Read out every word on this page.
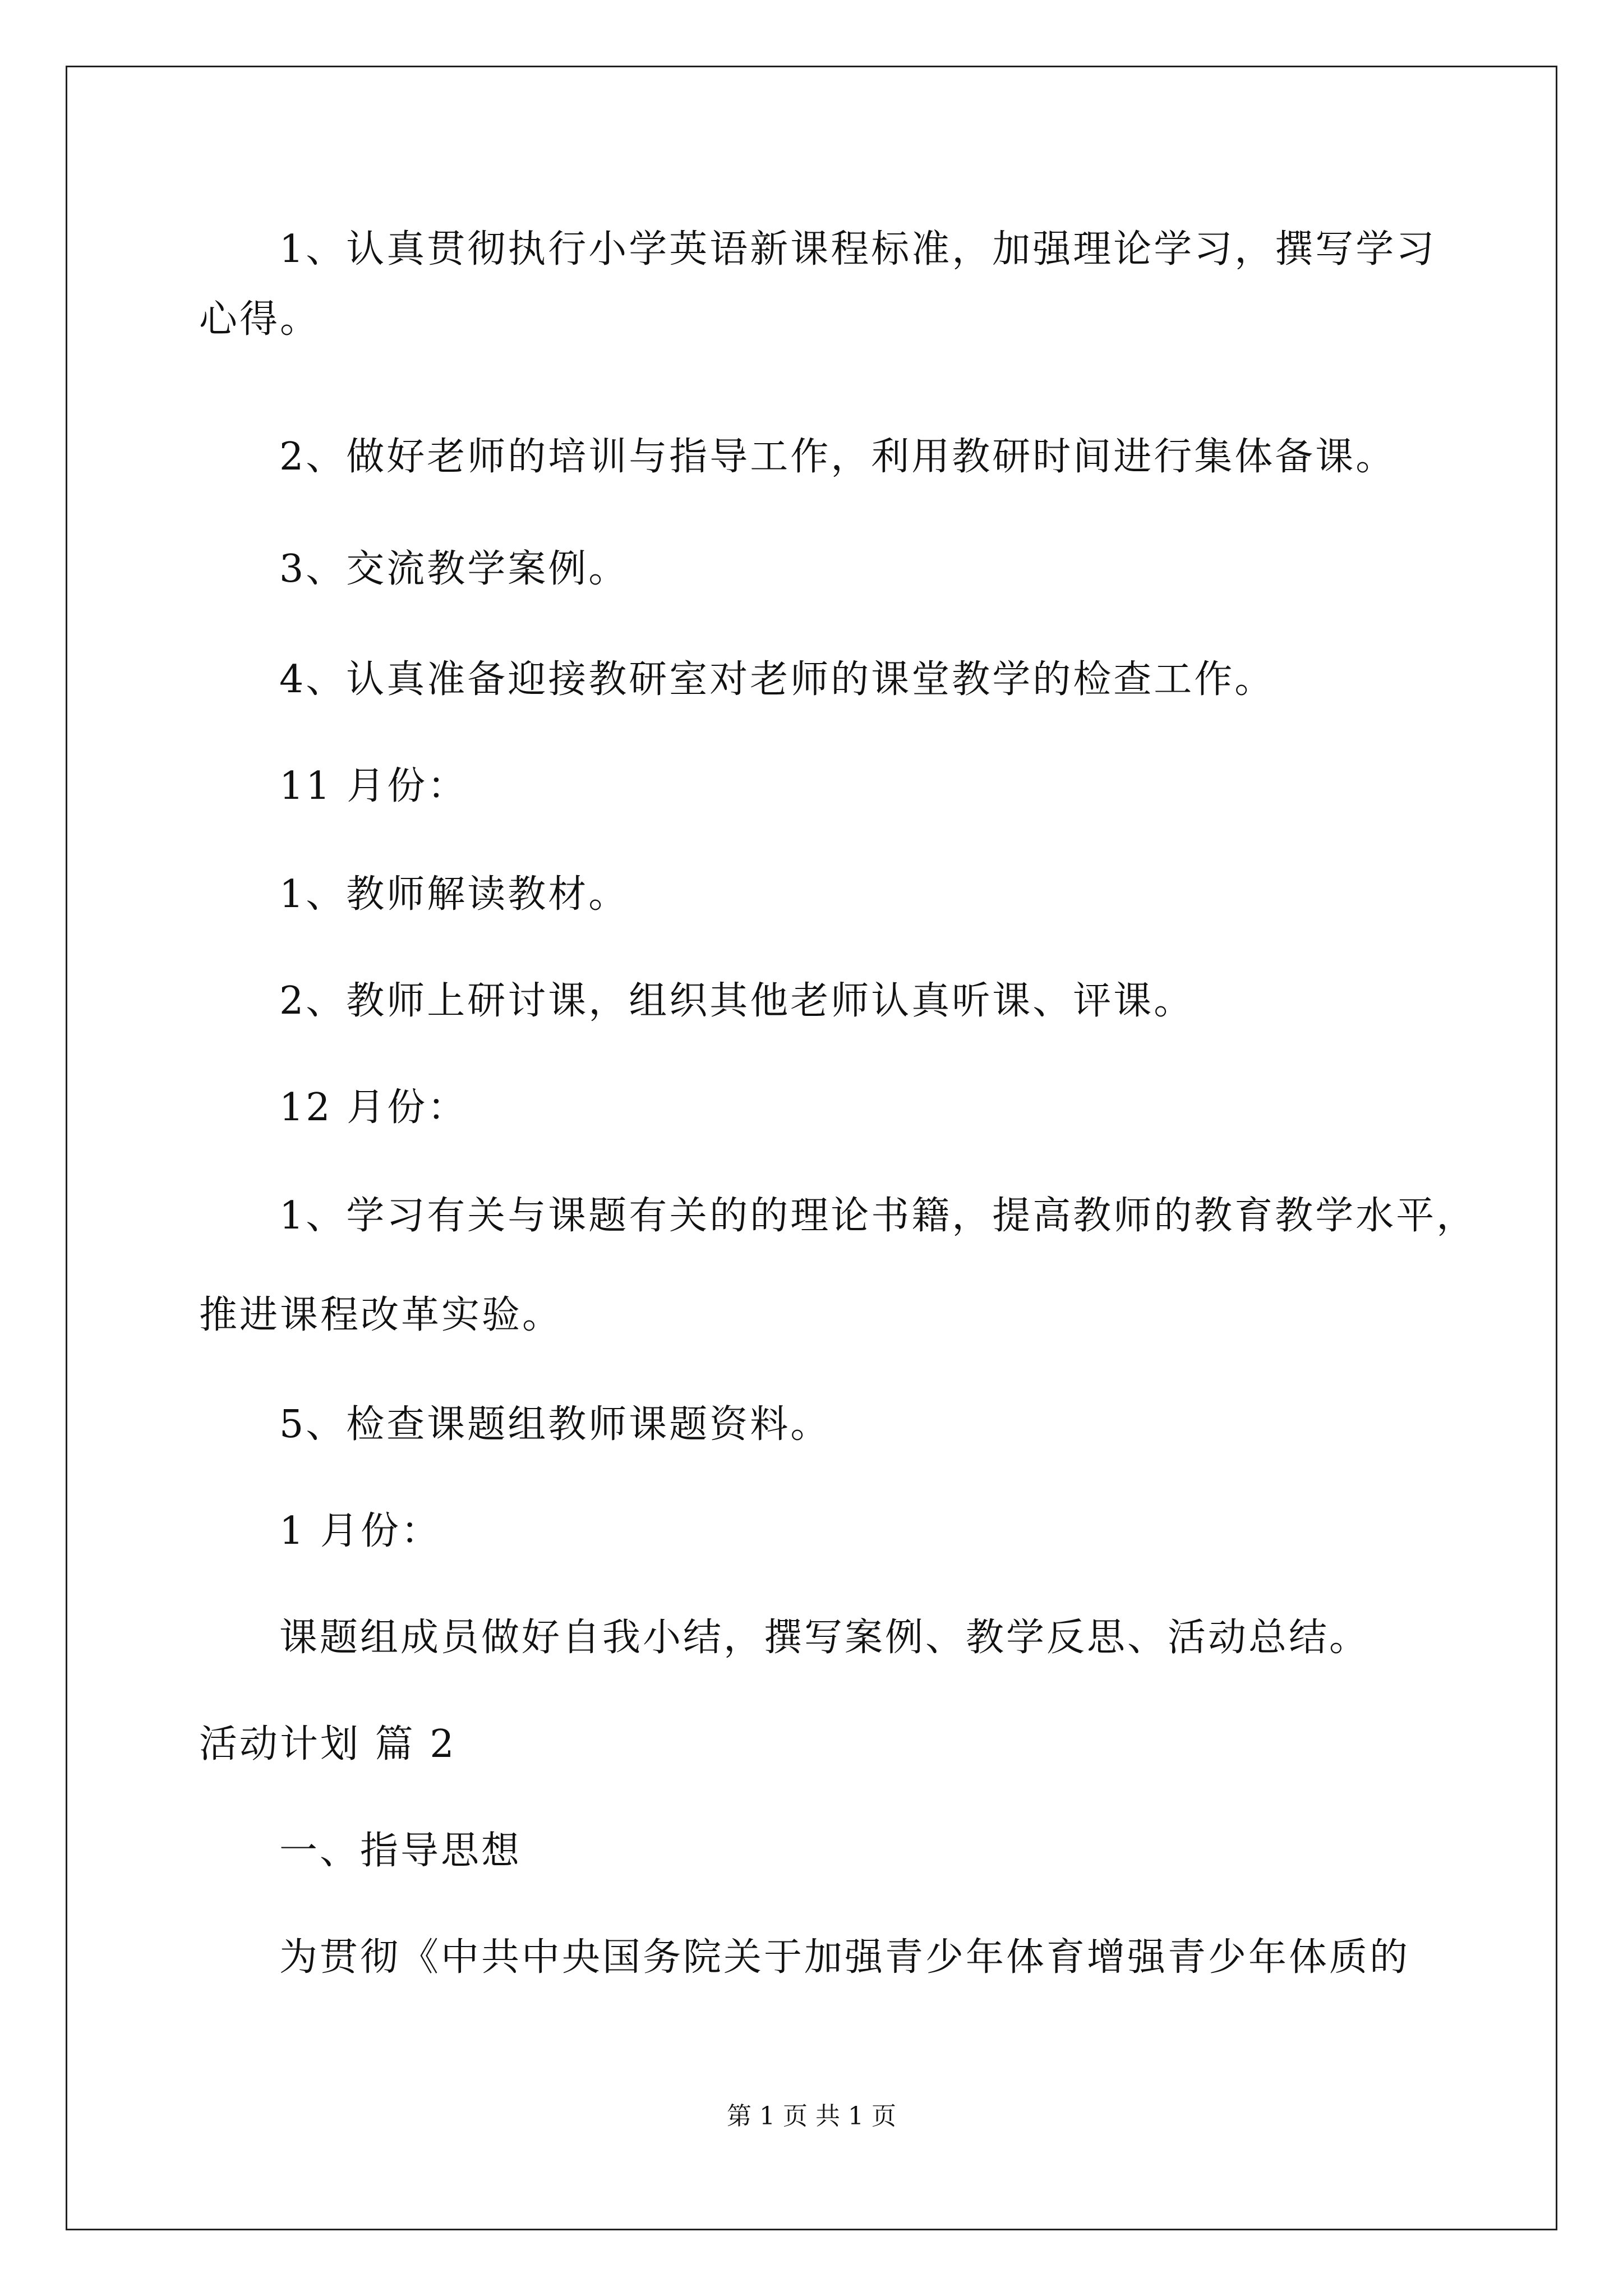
1、认真贯彻执行小学英语新课程标准，加强理论学习，撰写学习

心得。

2、做好老师的培训与指导工作，利用教研时间进行集体备课。

3、交流教学案例。

4、认真准备迎接教研室对老师的课堂教学的检查工作。

11 月份：

1、教师解读教材。

2、教师上研讨课，组织其他老师认真听课、评课。

12 月份：

1、学习有关与课题有关的的理论书籍，提高教师的教育教学水平，

推进课程改革实验。

5、检查课题组教师课题资料。

1 月份：

课题组成员做好自我小结，撰写案例、教学反思、活动总结。

活动计划 篇 2

一、指导思想

为贯彻《中共中央国务院关于加强青少年体育增强青少年体质的

第 1 页 共 1 页
